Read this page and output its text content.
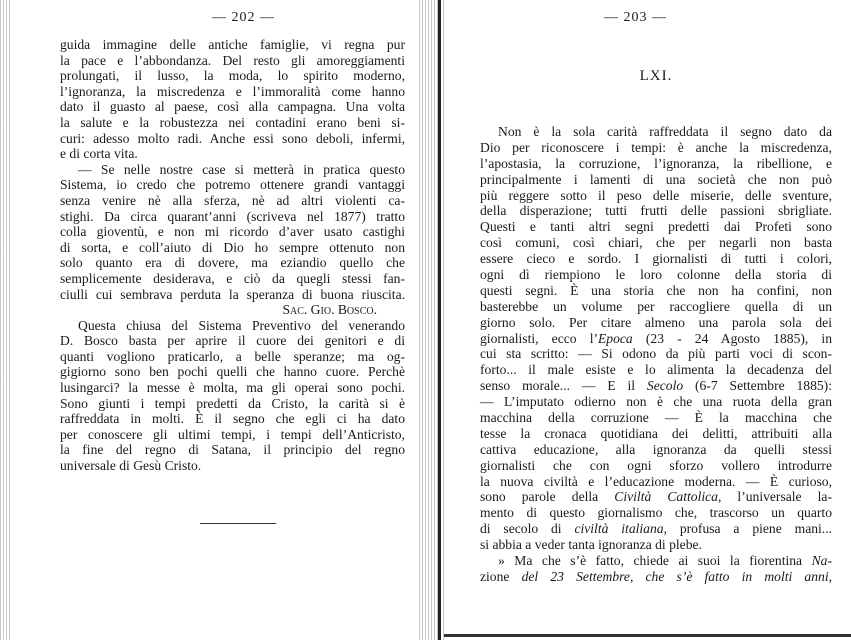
— 202 —	— 203 —
LXI.
guida immagine delle antiche famiglie, vi regna pur
la pace e l’abbondanza. Del resto gli amoreggiamenti
prolungati, il lusso, la moda, lo spirito moderno,
l’ignoranza, la miscredenza e l’immoralità come hanno
dato il guasto al paese, così alla campagna. Una volta
la salute e la robustezza nei contadini erano beni si-
curi: adesso molto radi. Anche essi sono deboli, infermi,
e di corta vita.
— Se nelle nostre case si metterà in pratica questo
Sistema, io credo che potremo ottenere grandi vantaggi
senza venire nè alla sferza, nè ad altri violenti ca-
stighi. Da circa quarant’anni (scriveva nel 1877) tratto
colla gioventù, e non mi ricordo d’aver usato castighi
di sorta, e coll’aiuto di Dio ho sempre ottenuto non
solo quanto era di dovere, ma eziandio quello che
semplicemente desiderava, e ciò da quegli stessi fan-
ciulli cui sembrava perduta la speranza di buona riuscita.
Sac. Gio. Bosco.
Questa chiusa del Sistema Preventivo del venerando
D. Bosco basta per aprire il cuore dei genitori e di
quanti vogliono praticarlo, a belle speranze; ma og-
gigiorno sono ben pochi quelli che hanno cuore. Perchè
lusingarci? la messe è molta, ma gli operai sono pochi.
Sono giunti i tempi predetti da Cristo, la carità si è
raffreddata in molti. È il segno che egli ci ha dato
per conoscere gli ultimi tempi, i tempi dell’Anticristo,
la fine del regno di Satana, il principio del regno
universale di Gesù Cristo.
Non è la sola carità raffreddata il segno dato da
Dio per riconoscere i tempi: è anche la miscredenza,
l’apostasia, la corruzione, l’ignoranza, la ribellione, e
principalmente i lamenti di una società che non può
più reggere sotto il peso delle miserie, delle sventure,
della disperazione; tutti frutti delle passioni sbrigliate.
Questi e tanti altri segni predetti dai Profeti sono
così comuni, così chiari, che per negarli non basta
essere cieco e sordo. I giornalisti di tutti i colori,
ogni dì riempiono le loro colonne della storia di
questi segni. È una storia che non ha confini, non
basterebbe un volume per raccogliere quella di un
giorno solo. Per citare almeno una parola sola dei
giornalisti, ecco l’Epoca (23 - 24 Agosto 1885), in
cui sta scritto: — Si odono da più parti voci di scon-
forto... il male esiste e lo alimenta la decadenza del
senso morale... — E il Secolo (6-7 Settembre 1885):
— L’imputato odierno non è che una ruota della gran
macchina della corruzione — È la macchina che
tesse la cronaca quotidiana dei delitti, attribuiti alla
cattiva educazione, alla ignoranza da quelli stessi
giornalisti che con ogni sforzo vollero introdurre
la nuova civiltà e l’educazione moderna. — È curioso,
sono parole della Civiltà Cattolica, l’universale la-
mento di questo giornalismo che, trascorso un quarto
di secolo di civiltà italiana, profusa a piene mani...
si abbia a veder tanta ignoranza di plebe.
» Ma che s’è fatto, chiede ai suoi la fiorentina Na-
zione del 23 Settembre, che s’è fatto in molti anni,
